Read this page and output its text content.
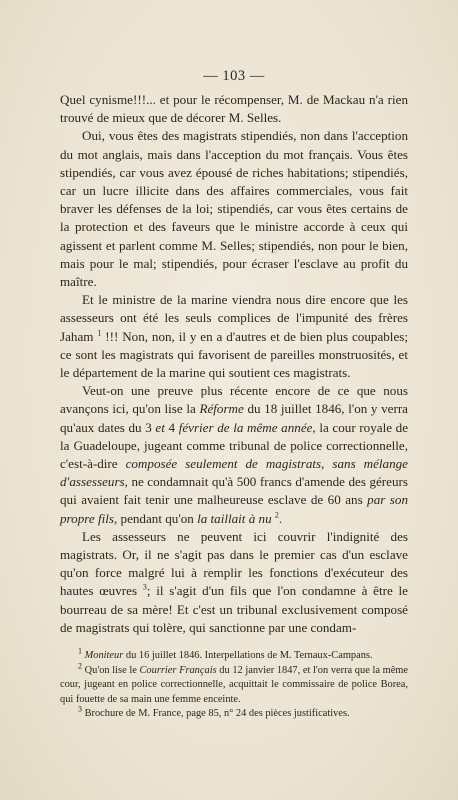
— 103 —

Quel cynisme!!!... et pour le récompenser, M. de Mackau n'a rien trouvé de mieux que de décorer M. Selles.

Oui, vous êtes des magistrats stipendiés, non dans l'acception du mot anglais, mais dans l'acception du mot français. Vous êtes stipendiés, car vous avez épousé de riches habitations; stipendiés, car un lucre illicite dans des affaires commerciales, vous fait braver les défenses de la loi; stipendiés, car vous êtes certains de la protection et des faveurs que le ministre accorde à ceux qui agissent et parlent comme M. Selles; stipendiés, non pour le bien, mais pour le mal; stipendiés, pour écraser l'esclave au profit du maître.

Et le ministre de la marine viendra nous dire encore que les assesseurs ont été les seuls complices de l'impunité des frères Jaham $^1$ !!! Non, non, il y en a d'autres et de bien plus coupables; ce sont les magistrats qui favorisent de pareilles monstruosités, et le département de la marine qui soutient ces magistrats.

Veut-on une preuve plus récente encore de ce que nous avançons ici, qu'on lise la Réforme du 18 juillet 1846, l'on y verra qu'aux dates du 3 et 4 février de la même année, la cour royale de la Guadeloupe, jugeant comme tribunal de police correctionnelle, c'est-à-dire composée seulement de magistrats, sans mélange d'assesseurs, ne condamnait qu'à 500 francs d'amende des géreurs qui avaient fait tenir une malheureuse esclave de 60 ans par son propre fils, pendant qu'on la taillait à nu $^2$.

Les assesseurs ne peuvent ici couvrir l'indignité des magistrats. Or, il ne s'agit pas dans le premier cas d'un esclave qu'on force malgré lui à remplir les fonctions d'exécuteur des hautes œuvres $^3$; il s'agit d'un fils que l'on condamne à être le bourreau de sa mère! Et c'est un tribunal exclusivement composé de magistrats qui tolère, qui sanctionne par une condam-

$^1$ Moniteur du 16 juillet 1846. Interpellations de M. Ternaux-Campans.

$^2$ Qu'on lise le Courrier Français du 12 janvier 1847, et l'on verra que la même cour, jugeant en police correctionnelle, acquittait le commissaire de police Borea, qui fouette de sa main une femme enceinte.

$^3$ Brochure de M. France, page 85, n° 24 des pièces justificatives.
